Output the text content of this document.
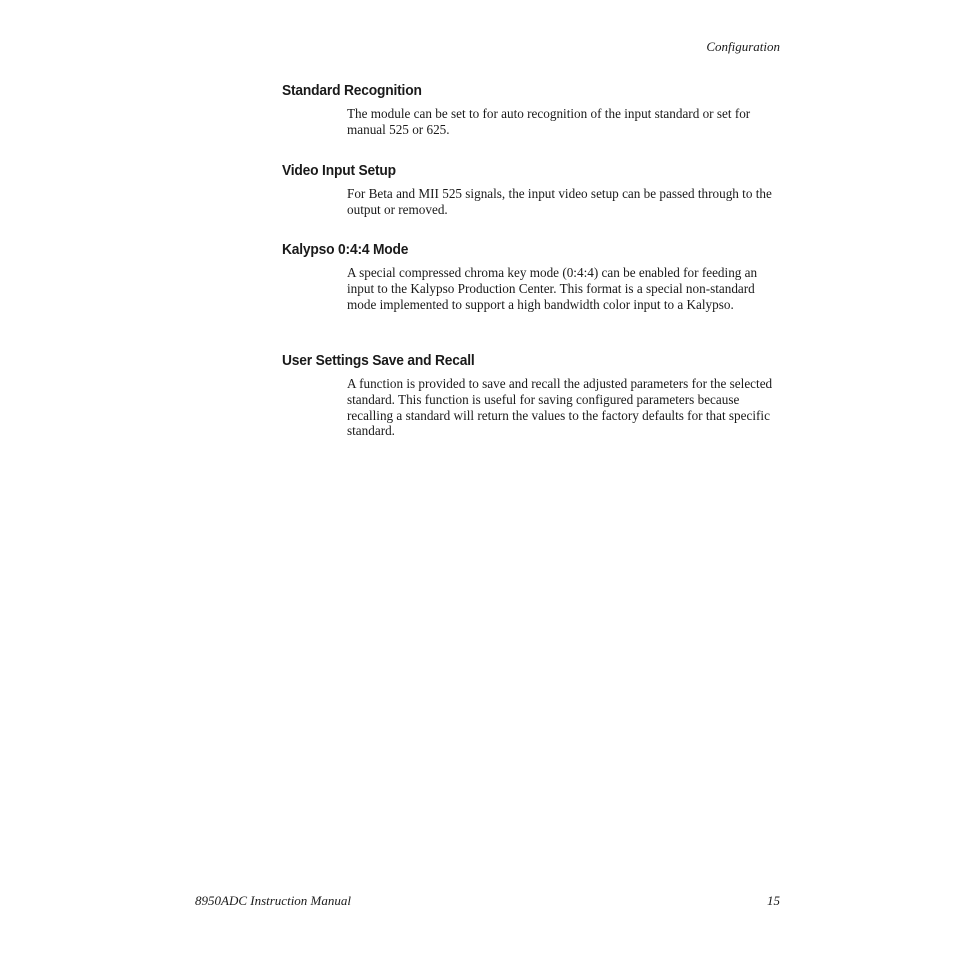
Configuration
Standard Recognition

The module can be set to for auto recognition of the input standard or set for manual 525 or 625.

Video Input Setup

For Beta and MII 525 signals, the input video setup can be passed through to the output or removed.

Kalypso 0:4:4 Mode

A special compressed chroma key mode (0:4:4) can be enabled for feeding an input to the Kalypso Production Center. This format is a special non-standard mode implemented to support a high bandwidth color input to a Kalypso.

User Settings Save and Recall

A function is provided to save and recall the adjusted parameters for the selected standard. This function is useful for saving configured parameters because recalling a standard will return the values to the factory defaults for that specific standard.

8950ADC Instruction Manual	15
